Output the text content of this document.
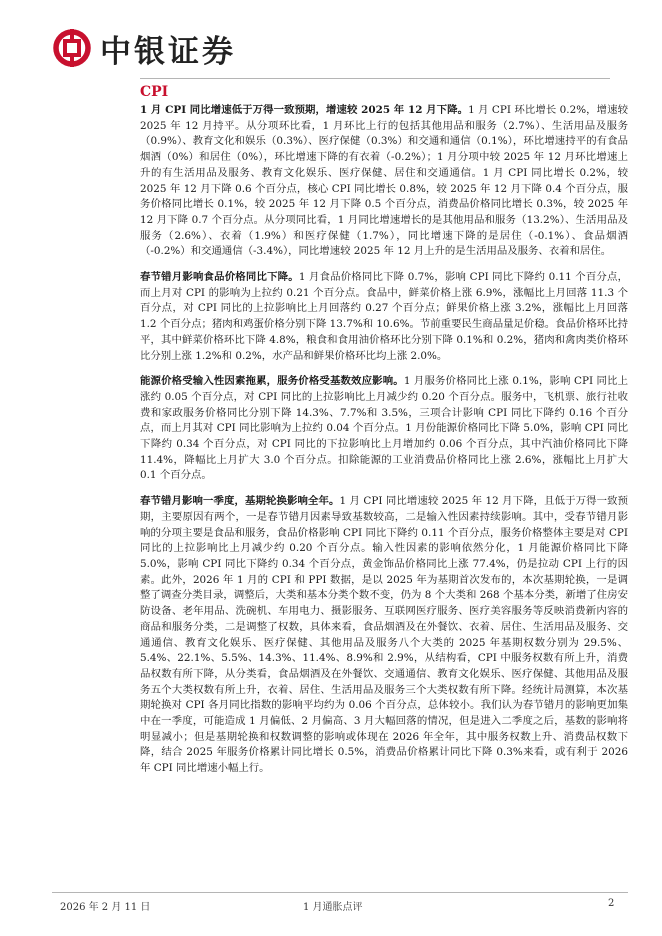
中银证券
CPI

1 月 CPI 同比增速低于万得一致预期，增速较 2025 年 12 月下降。1 月 CPI 环比增长 0.2%，增速较 2025 年 12 月持平。从分项环比看，1 月环比上行的包括其他用品和服务（2.7%）、生活用品及服务（0.9%）、教育文化和娱乐（0.3%）、医疗保健（0.3%）和交通和通信（0.1%），环比增速持平的有食品烟酒（0%）和居住（0%），环比增速下降的有衣着（-0.2%）；1 月分项中较 2025 年 12 月环比增速上升的有生活用品及服务、教育文化娱乐、医疗保健、居住和交通通信。1 月 CPI 同比增长 0.2%，较 2025 年 12 月下降 0.6 个百分点，核心 CPI 同比增长 0.8%，较 2025 年 12 月下降 0.4 个百分点，服务价格同比增长 0.1%，较 2025 年 12 月下降 0.5 个百分点，消费品价格同比增长 0.3%，较 2025 年 12 月下降 0.7 个百分点。从分项同比看，1 月同比增速增长的是其他用品和服务（13.2%）、生活用品及服务（2.6%）、衣着（1.9%）和医疗保健（1.7%），同比增速下降的是居住（-0.1%）、食品烟酒（-0.2%）和交通通信（-3.4%），同比增速较 2025 年 12 月上升的是生活用品及服务、衣着和居住。

春节错月影响食品价格同比下降。1 月食品价格同比下降 0.7%，影响 CPI 同比下降约 0.11 个百分点，而上月对 CPI 的影响为上拉约 0.21 个百分点。食品中，鲜菜价格上涨 6.9%，涨幅比上月回落 11.3 个百分点，对 CPI 同比的上拉影响比上月回落约 0.27 个百分点；鲜果价格上涨 3.2%，涨幅比上月回落 1.2 个百分点；猪肉和鸡蛋价格分别下降 13.7%和 10.6%。节前重要民生商品量足价稳。食品价格环比持平，其中鲜菜价格环比下降 4.8%，粮食和食用油价格环比分别下降 0.1%和 0.2%，猪肉和禽肉类价格环比分别上涨 1.2%和 0.2%，水产品和鲜果价格环比均上涨 2.0%。

能源价格受输入性因素拖累，服务价格受基数效应影响。1 月服务价格同比上涨 0.1%，影响 CPI 同比上涨约 0.05 个百分点，对 CPI 同比的上拉影响比上月减少约 0.20 个百分点。服务中，飞机票、旅行社收费和家政服务价格同比分别下降 14.3%、7.7%和 3.5%，三项合计影响 CPI 同比下降约 0.16 个百分点，而上月其对 CPI 同比影响为上拉约 0.04 个百分点。1 月份能源价格同比下降 5.0%，影响 CPI 同比下降约 0.34 个百分点，对 CPI 同比的下拉影响比上月增加约 0.06 个百分点，其中汽油价格同比下降 11.4%，降幅比上月扩大 3.0 个百分点。扣除能源的工业消费品价格同比上涨 2.6%，涨幅比上月扩大 0.1 个百分点。

春节错月影响一季度，基期轮换影响全年。1 月 CPI 同比增速较 2025 年 12 月下降，且低于万得一致预期，主要原因有两个，一是春节错月因素导致基数较高，二是输入性因素持续影响。其中，受春节错月影响的分项主要是食品和服务，食品价格影响 CPI 同比下降约 0.11 个百分点，服务价格整体主要是对 CPI 同比的上拉影响比上月减少约 0.20 个百分点。输入性因素的影响依然分化，1 月能源价格同比下降 5.0%，影响 CPI 同比下降约 0.34 个百分点，黄金饰品价格同比上涨 77.4%，仍是拉动 CPI 上行的因素。此外，2026 年 1 月的 CPI 和 PPI 数据，是以 2025 年为基期首次发布的，本次基期轮换，一是调整了调查分类目录，调整后，大类和基本分类个数不变，仍为 8 个大类和 268 个基本分类，新增了住房安防设备、老年用品、洗碗机、车用电力、摄影服务、互联网医疗服务、医疗美容服务等反映消费新内容的商品和服务分类，二是调整了权数，具体来看，食品烟酒及在外餐饮、衣着、居住、生活用品及服务、交通通信、教育文化娱乐、医疗保健、其他用品及服务八个大类的 2025 年基期权数分别为 29.5%、5.4%、22.1%、5.5%、14.3%、11.4%、8.9%和 2.9%，从结构看，CPI 中服务权数有所上升，消费品权数有所下降，从分类看，食品烟酒及在外餐饮、交通通信、教育文化娱乐、医疗保健、其他用品及服务五个大类权数有所上升，衣着、居住、生活用品及服务三个大类权数有所下降。经统计局测算，本次基期轮换对 CPI 各月同比指数的影响平均约为 0.06 个百分点，总体较小。我们认为春节错月的影响更加集中在一季度，可能造成 1 月偏低、2 月偏高、3 月大幅回落的情况，但是进入二季度之后，基数的影响将明显减小；但是基期轮换和权数调整的影响或体现在 2026 年全年，其中服务权数上升、消费品权数下降，结合 2025 年服务价格累计同比增长 0.5%，消费品价格累计同比下降 0.3%来看，或有利于 2026 年 CPI 同比增速小幅上行。

2026 年 2 月 11 日	1 月通胀点评	2
